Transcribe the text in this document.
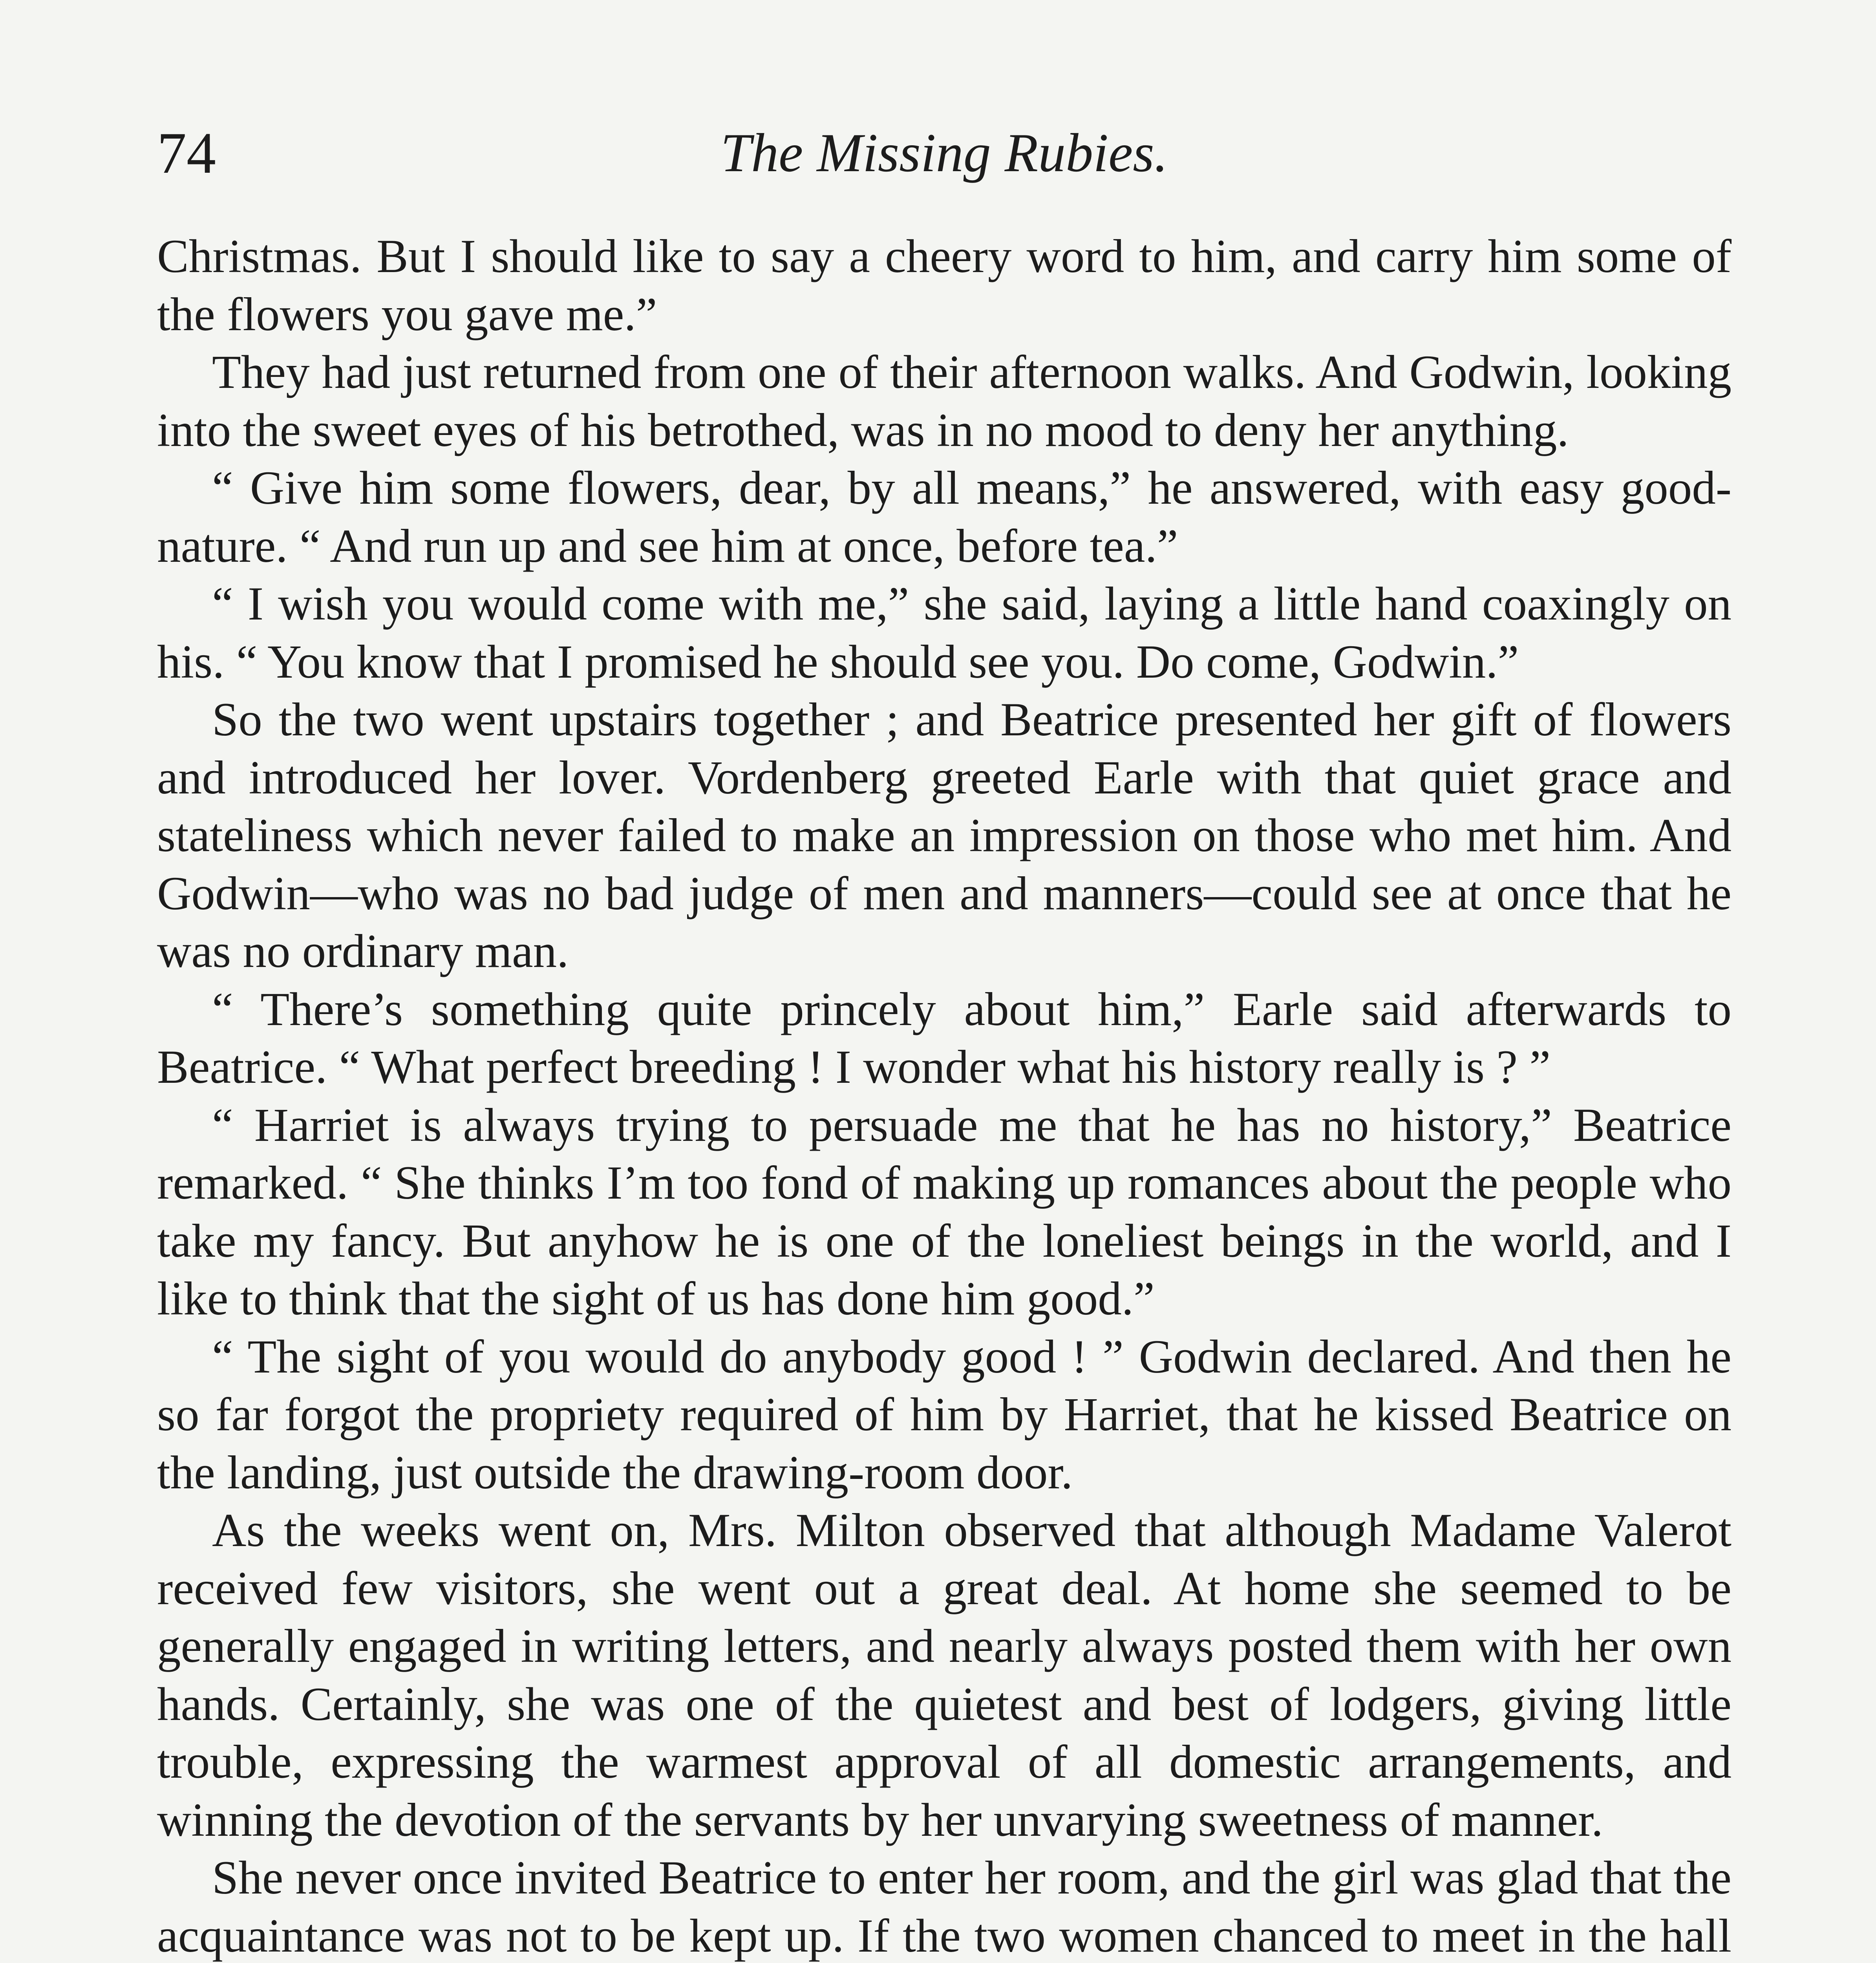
74	The Missing Rubies.

Christmas. But I should like to say a cheery word to him, and carry him some of the flowers you gave me.”

They had just returned from one of their afternoon walks. And Godwin, looking into the sweet eyes of his betrothed, was in no mood to deny her anything.

“ Give him some flowers, dear, by all means,” he answered, with easy good-nature. “ And run up and see him at once, before tea.”

“ I wish you would come with me,” she said, laying a little hand coaxingly on his. “ You know that I promised he should see you. Do come, Godwin.”

So the two went upstairs together ; and Beatrice presented her gift of flowers and introduced her lover. Vordenberg greeted Earle with that quiet grace and stateliness which never failed to make an impression on those who met him. And Godwin—who was no bad judge of men and manners—could see at once that he was no ordinary man.

“ There’s something quite princely about him,” Earle said afterwards to Beatrice. “ What perfect breeding ! I wonder what his history really is ? ”

“ Harriet is always trying to persuade me that he has no history,” Beatrice remarked. “ She thinks I’m too fond of making up romances about the people who take my fancy. But anyhow he is one of the loneliest beings in the world, and I like to think that the sight of us has done him good.”

“ The sight of you would do anybody good ! ” Godwin declared. And then he so far forgot the propriety required of him by Harriet, that he kissed Beatrice on the landing, just outside the drawing-room door.

As the weeks went on, Mrs. Milton observed that although Madame Valerot received few visitors, she went out a great deal. At home she seemed to be generally engaged in writing letters, and nearly always posted them with her own hands. Certainly, she was one of the quietest and best of lodgers, giving little trouble, expressing the warmest approval of all domestic arrangements, and winning the devotion of the servants by her unvarying sweetness of manner.

She never once invited Beatrice to enter her room, and the girl was glad that the acquaintance was not to be kept up. If the two women chanced to meet in the hall
